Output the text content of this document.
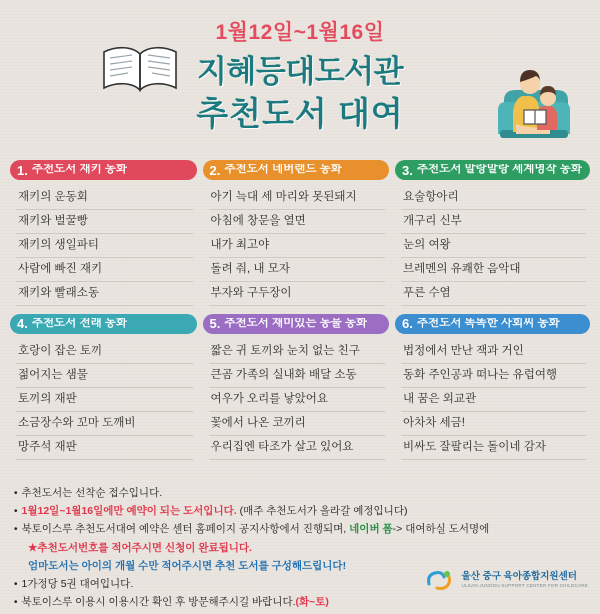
1월12일~1월16일
지혜등대도서관
추천도서 대여
1. 추천도서 재키 동화
재키의 운동회
재키와 벌꿀빵
재키의 생일파티
사람에 빠진 재키
재키와 빨래소동
2. 추천도서 네버랜드 동화
아기 늑대 세 마리와 못된돼지
아침에 창문을 열면
내가 최고야
돌려 줘, 내 모자
부자와 구두장이
3. 추천도서 말랑말랑 세계명작 동화
요술항아리
개구리 신부
눈의 여왕
브레멘의 유쾌한 음악대
푸른 수염
4. 추천도서 전래 동화
호랑이 잡은 토끼
젊어지는 샘물
토끼의 재판
소금장수와 꼬마 도깨비
망주석 재판
5. 추천도서 재미있는 동물 동화
짧은 귀 토끼와 눈치 없는 친구
큰곰 가족의 실내화 배달 소동
여우가 오리를 낳았어요
꽃에서 나온 코끼리
우리집엔 타조가 살고 있어요
6. 추천도서 똑똑한 사회씨 동화
법정에서 만난 잭과 거인
동화 주인공과 떠나는 유럽여행
내 꿈은 외교관
아차차 세금!
비싸도 잘팔리는 돌이네 감자
• 추천도서는 선착순 접수입니다.
• 1월12일~1월16일에만 예약이 되는 도서입니다. (매주 추천도서가 올라갈 예정입니다)
• 북토이스루 추천도서대여 예약은 센터 홈페이지 공지사항에서 진행되며, 네이버 폼-> 대여하실 도서명에
★ 추천도서번호를 적어주시면 신청이 완료됩니다.
엄마도서는 아이의 개월 수만 적어주시면 추천 도서를 구성해드립니다!
• 1가정당 5권 대여입니다.
• 북토이스루 이용시 이용시간 확인 후 방문해주시길 바랍니다.(화~토)
울산 중구 육아종합지원센터
ULSAN JUNGGU SUPPORT CENTER FOR CHILDCARE
